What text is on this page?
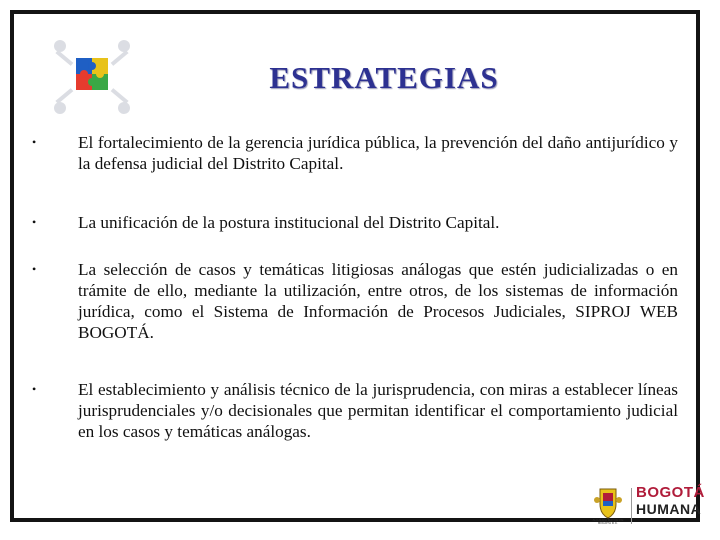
ESTRATEGIAS
•	El fortalecimiento de la gerencia jurídica pública, la prevención del daño antijurídico y la defensa judicial del Distrito Capital.
•	La unificación de la postura institucional del Distrito Capital.
•	La selección de casos y temáticas litigiosas análogas que estén judicializadas o en trámite de ello, mediante la utilización, entre otros, de los sistemas de información jurídica, como el Sistema de Información de Procesos Judiciales, SIPROJ WEB BOGOTÁ.
•	El establecimiento y análisis técnico de la jurisprudencia, con miras a establecer líneas jurisprudenciales y/o decisionales que permitan identificar el comportamiento judicial en los casos y temáticas análogas.
ALCALDÍA MAYOR DE BOGOTÁ D.C.
BOGOTÁ
HUMANA
